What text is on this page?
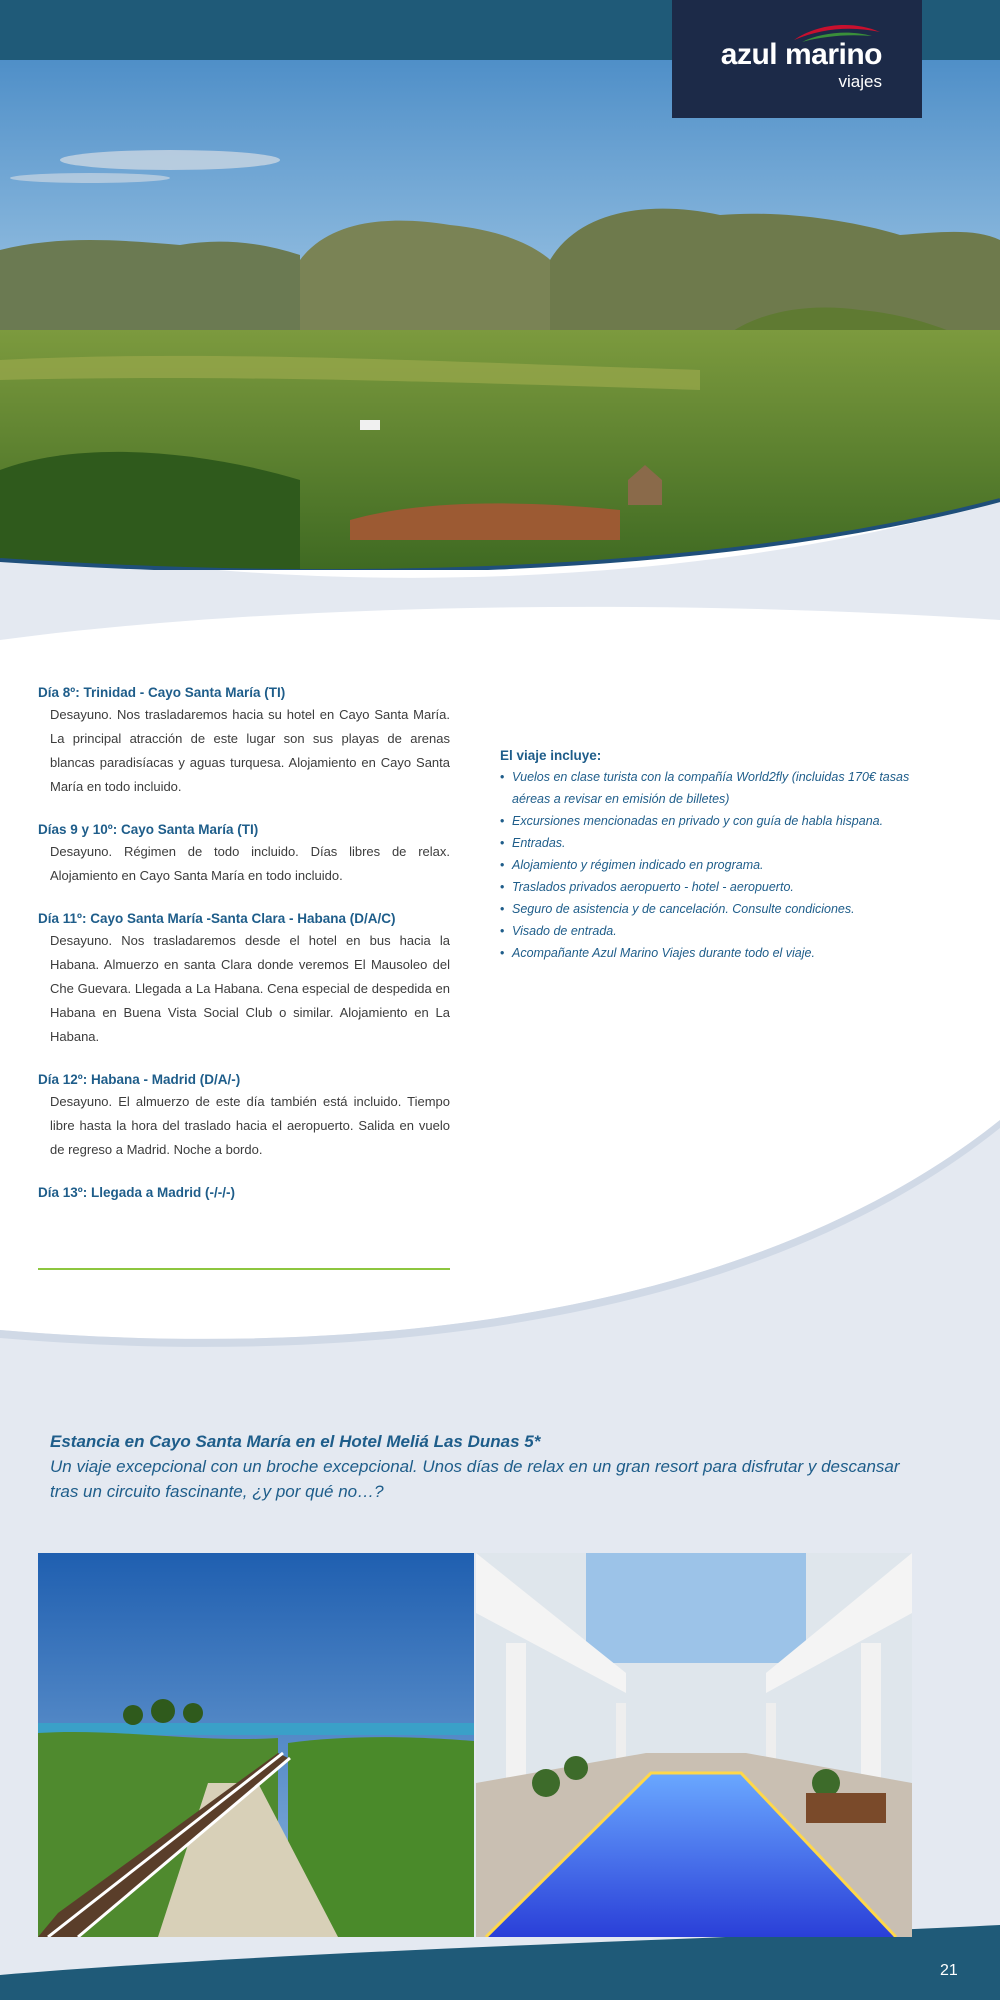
azul marino
viajes
Día 8º: Trinidad - Cayo Santa María (TI)
Desayuno. Nos trasladaremos hacia su hotel en Cayo Santa María. La principal atracción de este lugar son sus playas de arenas blancas paradisíacas y aguas turquesa. Alojamiento en Cayo Santa María en todo incluido.
Días 9 y 10º: Cayo Santa María (TI)
Desayuno. Régimen de todo incluido. Días libres de relax. Alojamiento en Cayo Santa María en todo incluido.
Día 11º: Cayo Santa María -Santa Clara - Habana (D/A/C)
Desayuno. Nos trasladaremos desde el hotel en bus hacia la Habana. Almuerzo en santa Clara donde veremos El Mausoleo del Che Guevara. Llegada a La Habana. Cena especial de despedida en Habana en Buena Vista Social Club o similar. Alojamiento en La Habana.
Día 12º: Habana - Madrid (D/A/-)
Desayuno. El almuerzo de este día también está incluido. Tiempo libre hasta la hora del traslado hacia el aeropuerto. Salida en vuelo de regreso a Madrid. Noche a bordo.
Día 13º: Llegada a Madrid (-/-/-)
El viaje incluye:
• Vuelos en clase turista con la compañía World2fly (incluidas 170€ tasas aéreas a revisar en emisión de billetes)
• Excursiones mencionadas en privado y con guía de habla hispana.
• Entradas.
• Alojamiento y régimen indicado en programa.
• Traslados privados aeropuerto - hotel - aeropuerto.
• Seguro de asistencia y de cancelación. Consulte condiciones.
• Visado de entrada.
• Acompañante Azul Marino Viajes durante todo el viaje.
Estancia en Cayo Santa María en el Hotel Meliá Las Dunas 5*
Un viaje excepcional con un broche excepcional. Unos días de relax en un gran resort para disfrutar y descansar tras un circuito fascinante, ¿y por qué no…?
21
